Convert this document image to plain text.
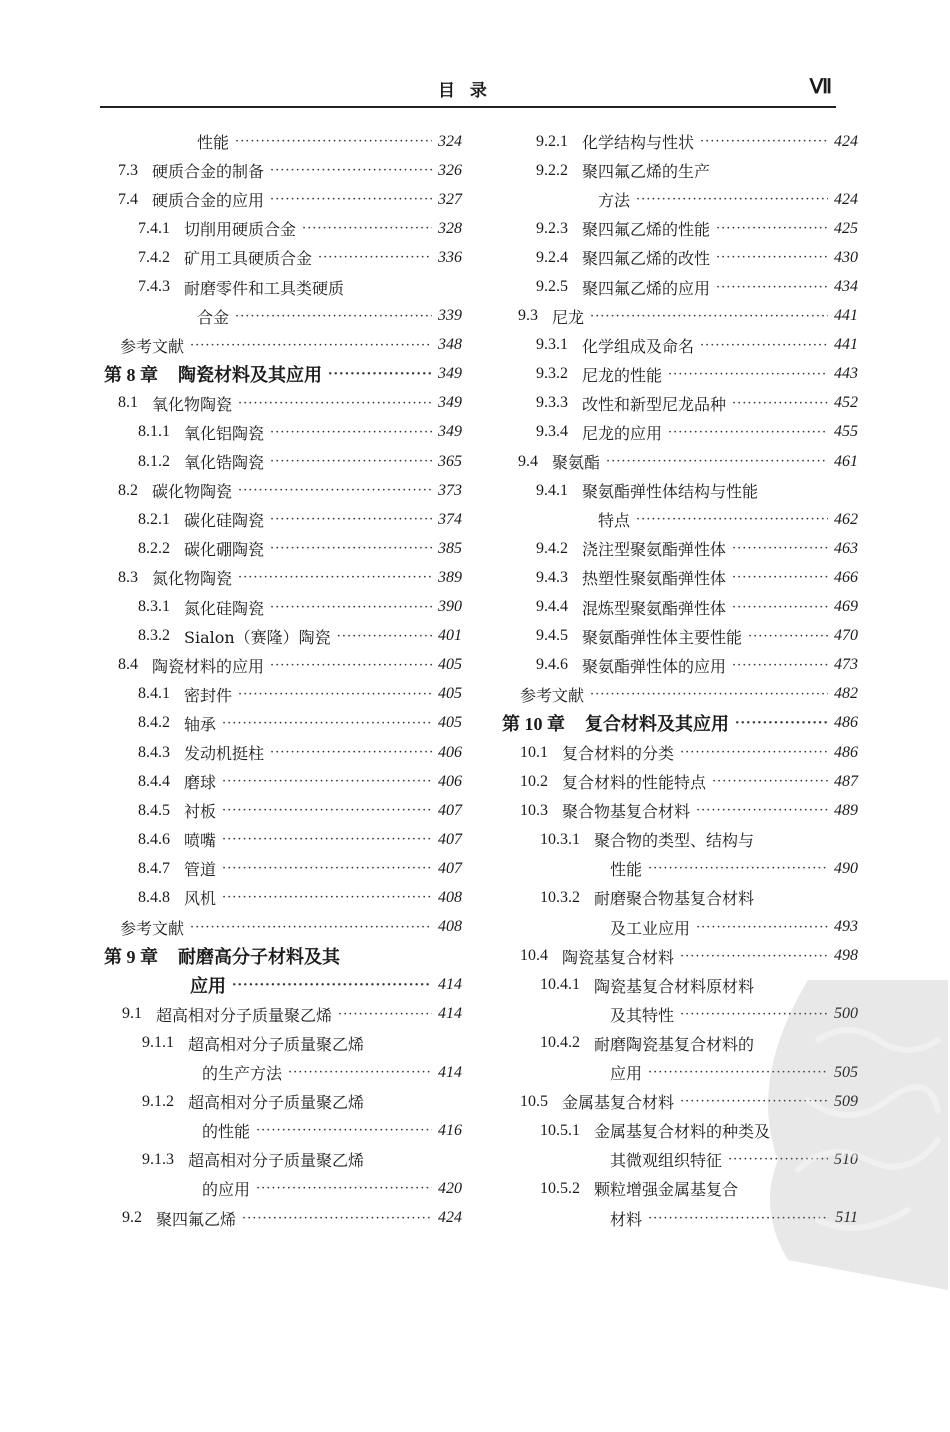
目  录	Ⅶ
性能 ·····	324
7.3 硬质合金的制备 ·····	326
7.4 硬质合金的应用 ·····	327
7.4.1 切削用硬质合金 ·····	328
7.4.2 矿用工具硬质合金 ·····	336
7.4.3 耐磨零件和工具类硬质
合金 ·····	339
参考文献 ·····	348
第 8 章 陶瓷材料及其应用 ·····	349
8.1 氧化物陶瓷 ·····	349
8.1.1 氧化铝陶瓷 ·····	349
8.1.2 氧化锆陶瓷 ·····	365
8.2 碳化物陶瓷 ·····	373
8.2.1 碳化硅陶瓷 ·····	374
8.2.2 碳化硼陶瓷 ·····	385
8.3 氮化物陶瓷 ·····	389
8.3.1 氮化硅陶瓷 ·····	390
8.3.2 Sialon（赛隆）陶瓷 ·····	401
8.4 陶瓷材料的应用 ·····	405
8.4.1 密封件 ·····	405
8.4.2 轴承 ·····	405
8.4.3 发动机挺柱 ·····	406
8.4.4 磨球 ·····	406
8.4.5 衬板 ·····	407
8.4.6 喷嘴 ·····	407
8.4.7 管道 ·····	407
8.4.8 风机 ·····	408
参考文献 ·····	408
第 9 章 耐磨高分子材料及其
应用 ·····	414
9.1 超高相对分子质量聚乙烯 ·····	414
9.1.1 超高相对分子质量聚乙烯
的生产方法 ·····	414
9.1.2 超高相对分子质量聚乙烯
的性能 ·····	416
9.1.3 超高相对分子质量聚乙烯
的应用 ·····	420
9.2 聚四氟乙烯 ·····	424
9.2.1 化学结构与性状 ·····	424
9.2.2 聚四氟乙烯的生产
方法 ·····	424
9.2.3 聚四氟乙烯的性能 ·····	425
9.2.4 聚四氟乙烯的改性 ·····	430
9.2.5 聚四氟乙烯的应用 ·····	434
9.3 尼龙 ·····	441
9.3.1 化学组成及命名 ·····	441
9.3.2 尼龙的性能 ·····	443
9.3.3 改性和新型尼龙品种 ·····	452
9.3.4 尼龙的应用 ·····	455
9.4 聚氨酯 ·····	461
9.4.1 聚氨酯弹性体结构与性能
特点 ·····	462
9.4.2 浇注型聚氨酯弹性体 ·····	463
9.4.3 热塑性聚氨酯弹性体 ·····	466
9.4.4 混炼型聚氨酯弹性体 ·····	469
9.4.5 聚氨酯弹性体主要性能 ·····	470
9.4.6 聚氨酯弹性体的应用 ·····	473
参考文献 ·····	482
第 10 章 复合材料及其应用 ·····	486
10.1 复合材料的分类 ·····	486
10.2 复合材料的性能特点 ·····	487
10.3 聚合物基复合材料 ·····	489
10.3.1 聚合物的类型、结构与
性能 ·····	490
10.3.2 耐磨聚合物基复合材料
及工业应用 ·····	493
10.4 陶瓷基复合材料 ·····	498
10.4.1 陶瓷基复合材料原材料
及其特性 ·····	500
10.4.2 耐磨陶瓷基复合材料的
应用 ·····	505
10.5 金属基复合材料 ·····	509
10.5.1 金属基复合材料的种类及
其微观组织特征 ·····	510
10.5.2 颗粒增强金属基复合
材料 ·····	511
